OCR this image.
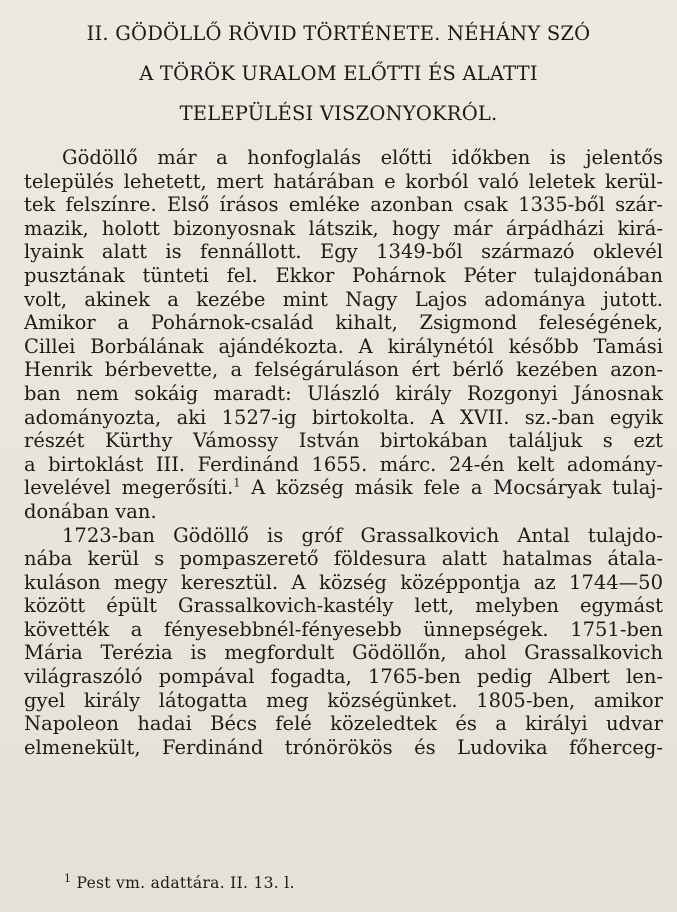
II. GÖDÖLLŐ RÖVID TÖRTÉNETE. NÉHÁNY SZÓ
A TÖRÖK URALOM ELŐTTI ÉS ALATTI
TELEPÜLÉSI VISZONYOKRÓL.
Gödöllő már a honfoglalás előtti időkben is jelentős
település lehetett, mert határában e korból való leletek kerül-
tek felszínre. Első írásos emléke azonban csak 1335-ből szár-
mazik, holott bizonyosnak látszik, hogy már árpádházi kirá-
lyaink alatt is fennállott. Egy 1349-ből származó oklevél
pusztának tünteti fel. Ekkor Pohárnok Péter tulajdonában
volt, akinek a kezébe mint Nagy Lajos adománya jutott.
Amikor a Pohárnok-család kihalt, Zsigmond feleségének,
Cillei Borbálának ajándékozta. A királynétól később Tamási
Henrik bérbevette, a felségáruláson ért bérlő kezében azon-
ban nem sokáig maradt: Ulászló király Rozgonyi Jánosnak
adományozta, aki 1527-ig birtokolta. A XVII. sz.-ban egyik
részét Kürthy Vámossy István birtokában találjuk s ezt
a birtoklást III. Ferdinánd 1655. márc. 24-én kelt adomány-
levelével megerősíti.$^1$ A község másik fele a Mocsáryak tulaj-
donában van.
1723-ban Gödöllő is gróf Grassalkovich Antal tulajdo-
nába kerül s pompaszerető földesura alatt hatalmas átala-
kuláson megy keresztül. A község középpontja az 1744—50
között épült Grassalkovich-kastély lett, melyben egymást
követték a fényesebbnél-fényesebb ünnepségek. 1751-ben
Mária Terézia is megfordult Gödöllőn, ahol Grassalkovich
világraszóló pompával fogadta, 1765-ben pedig Albert len-
gyel király látogatta meg községünket. 1805-ben, amikor
Napoleon hadai Bécs felé közeledtek és a királyi udvar
elmenekült, Ferdinánd trónörökös és Ludovika főherceg-
$^1$ Pest vm. adattára. II. 13. l.
